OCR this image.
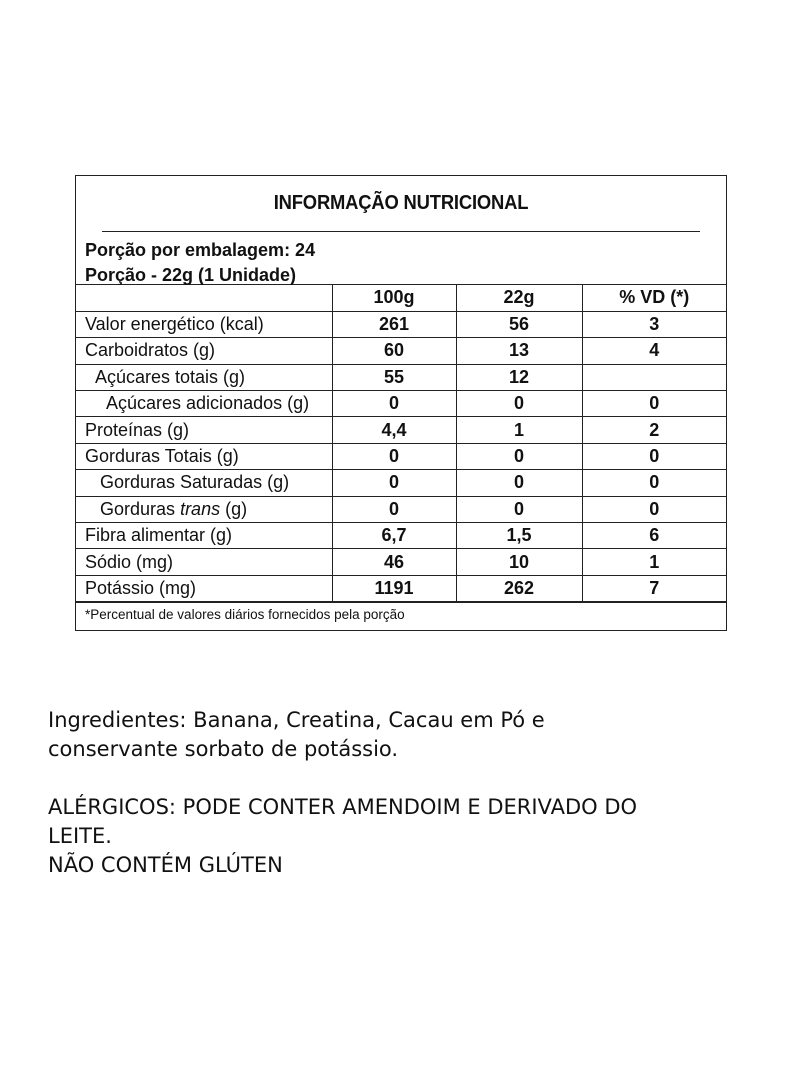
INFORMAÇÃO NUTRICIONAL
Porção por embalagem: 24
Porção - 22g (1 Unidade)
	100g	22g	% VD (*)
Valor energético (kcal)	261	56	3
Carboidratos (g)	60	13	4
Açúcares totais (g)	55	12	
Açúcares adicionados (g)	0	0	0
Proteínas (g)	4,4	1	2
Gorduras Totais (g)	0	0	0
Gorduras Saturadas (g)	0	0	0
Gorduras trans (g)	0	0	0
Fibra alimentar (g)	6,7	1,5	6
Sódio (mg)	46	10	1
Potássio (mg)	1191	262	7
*Percentual de valores diários fornecidos pela porção

Ingredientes: Banana, Creatina, Cacau em Pó e

conservante sorbato de potássio.

ALÉRGICOS: PODE CONTER AMENDOIM E DERIVADO DO

LEITE.

NÃO CONTÉM GLÚTEN
